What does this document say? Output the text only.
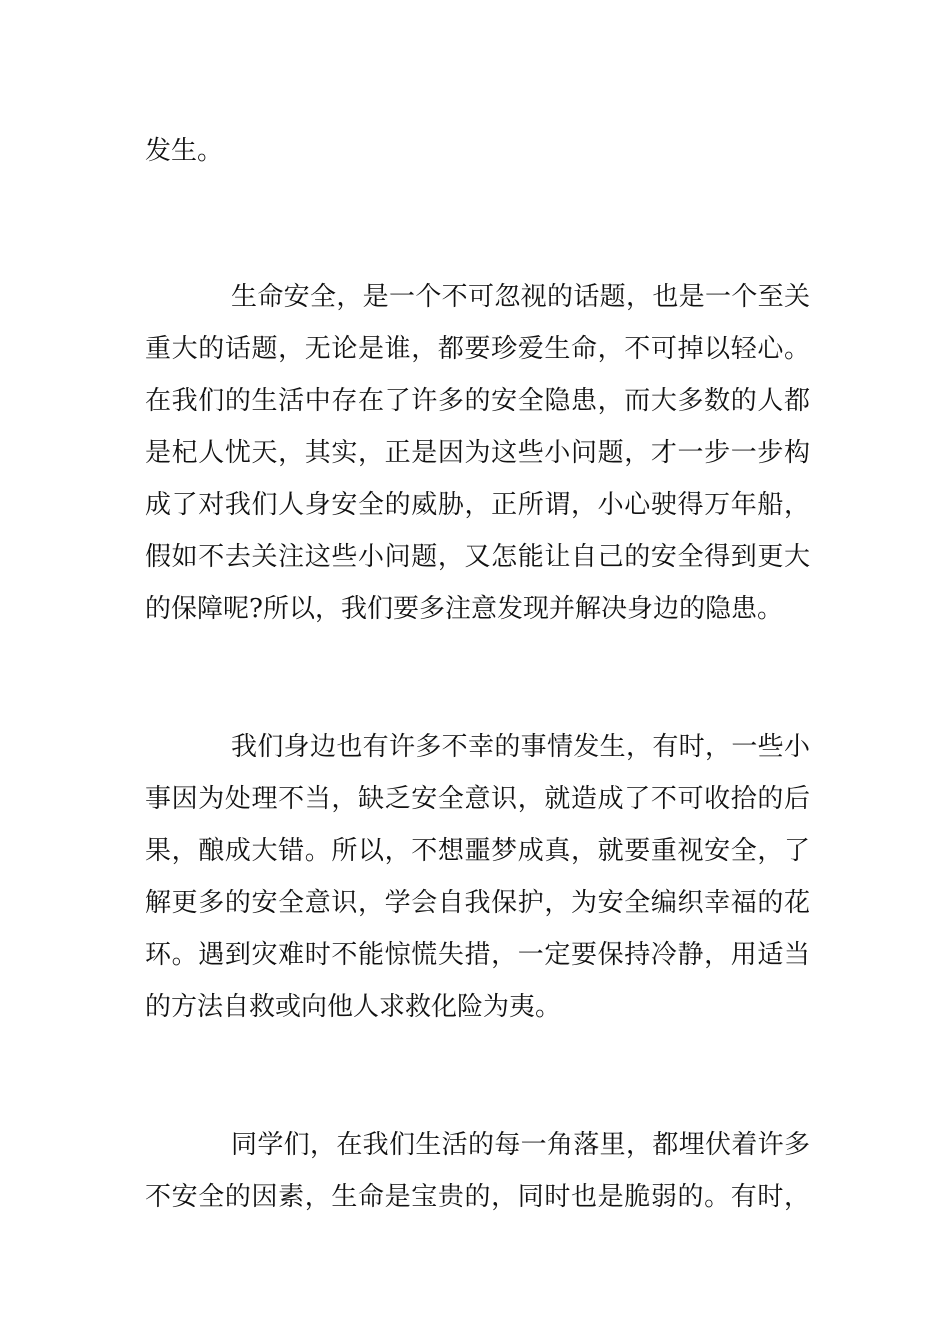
发生。

生命安全，是一个不可忽视的话题，也是一个至关

重大的话题，无论是谁，都要珍爱生命，不可掉以轻心。

在我们的生活中存在了许多的安全隐患，而大多数的人都

是杞人忧天，其实，正是因为这些小问题，才一步一步构

成了对我们人身安全的威胁，正所谓，小心驶得万年船，

假如不去关注这些小问题，又怎能让自己的安全得到更大

的保障呢?所以，我们要多注意发现并解决身边的隐患。

我们身边也有许多不幸的事情发生，有时，一些小

事因为处理不当，缺乏安全意识，就造成了不可收拾的后

果，酿成大错。所以，不想噩梦成真，就要重视安全，了

解更多的安全意识，学会自我保护，为安全编织幸福的花

环。遇到灾难时不能惊慌失措，一定要保持冷静，用适当

的方法自救或向他人求救化险为夷。

同学们，在我们生活的每一角落里，都埋伏着许多

不安全的因素，生命是宝贵的，同时也是脆弱的。有时，
